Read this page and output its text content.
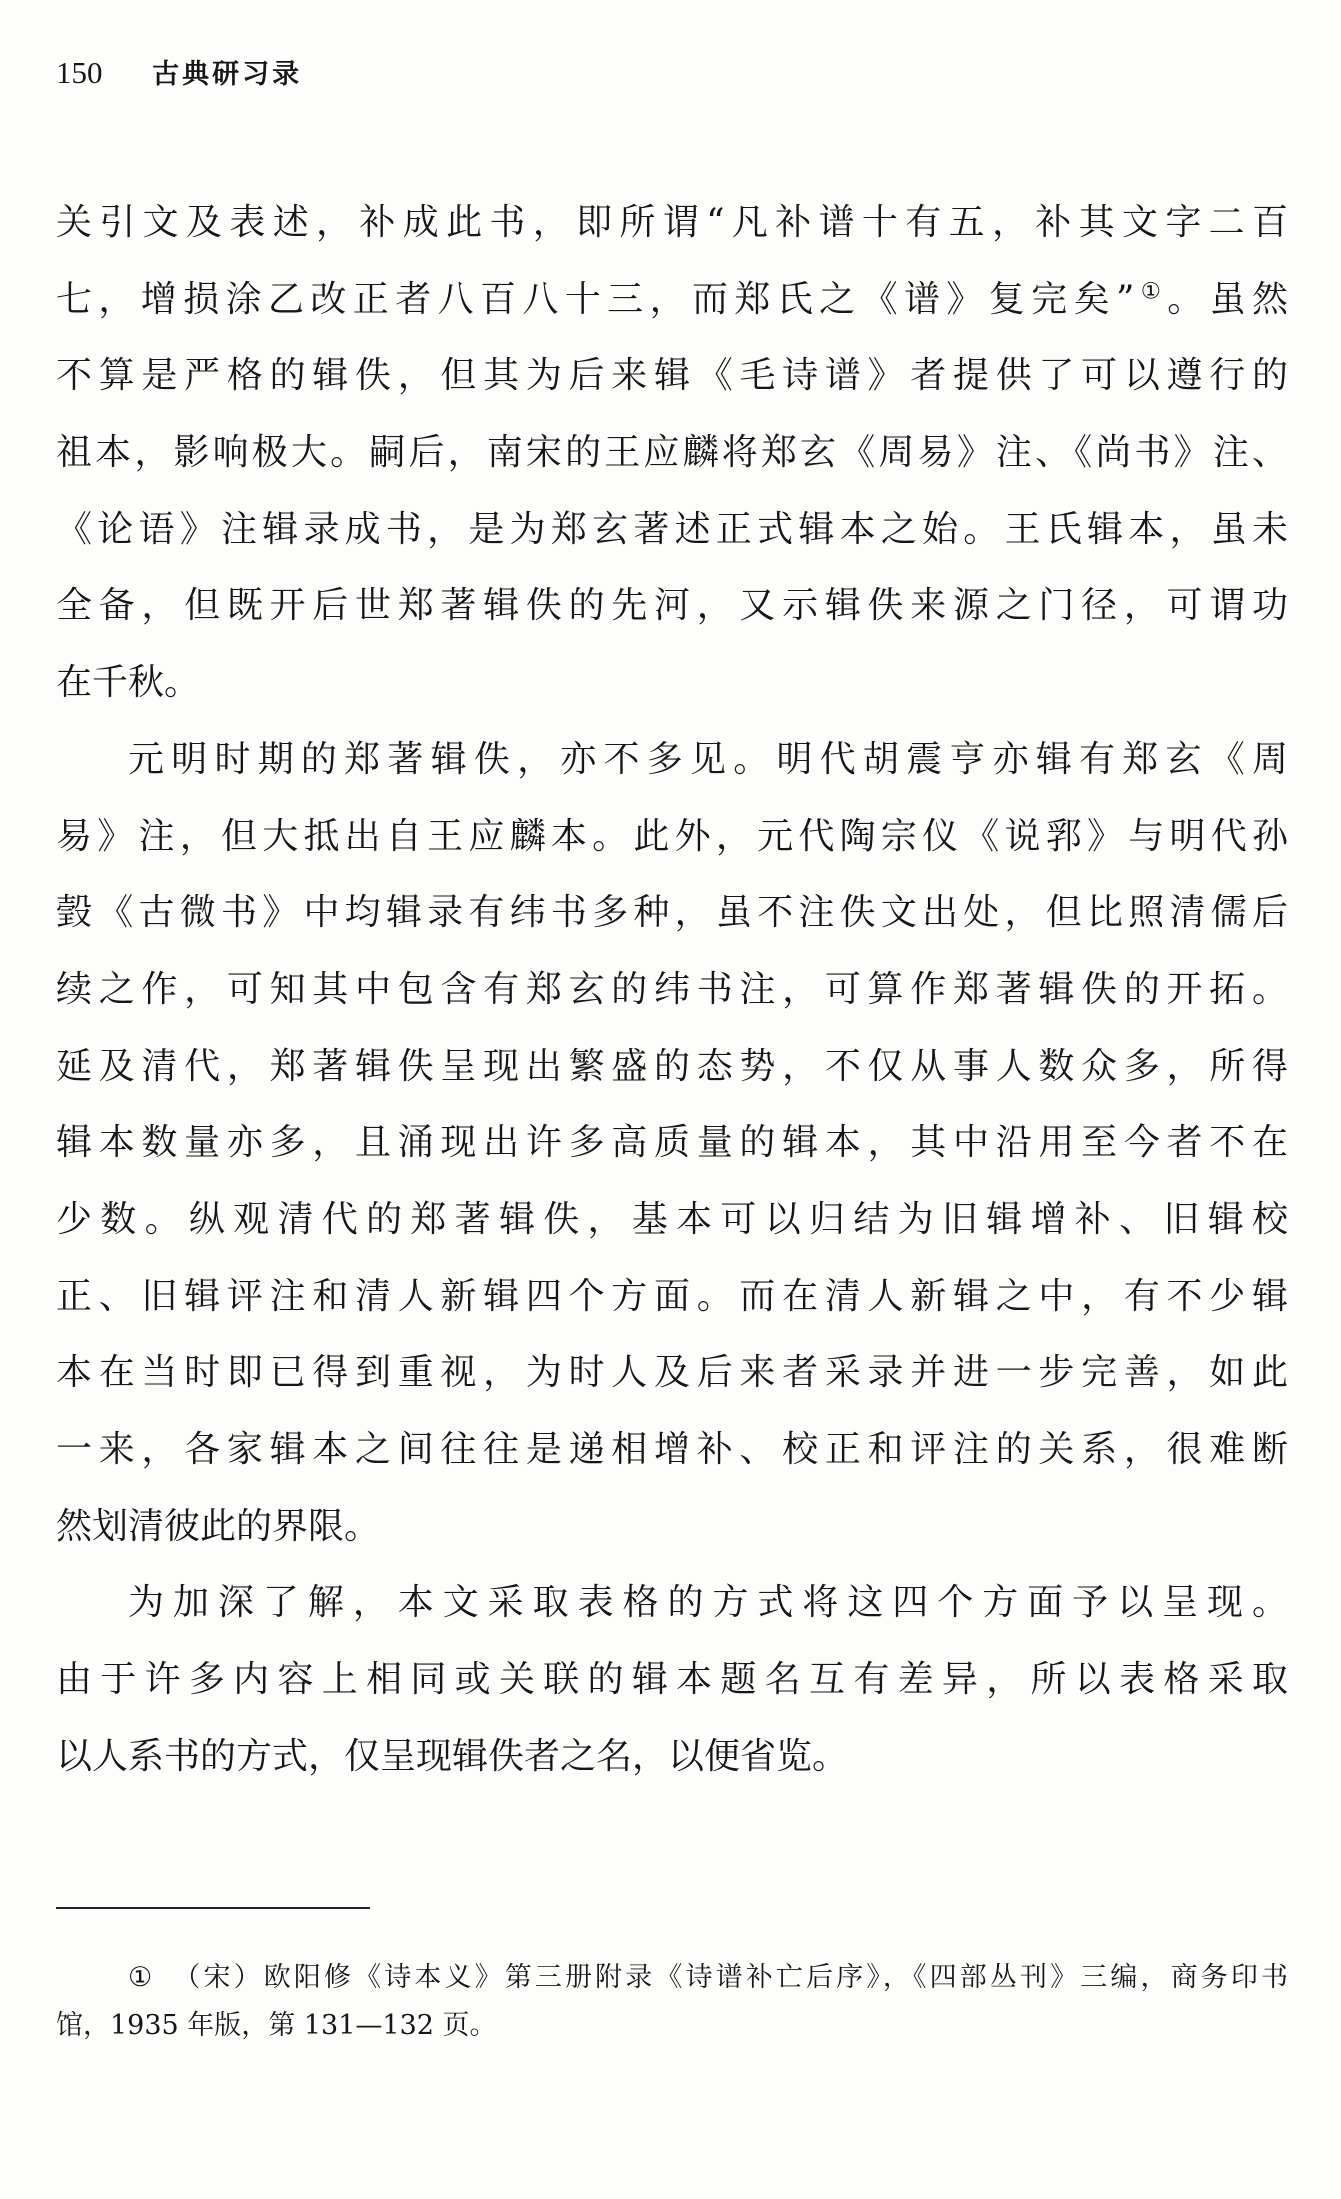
150 古典研习录
关引文及表述，补成此书，即所谓“凡补谱十有五，补其文字二百
七，增损涂乙改正者八百八十三，而郑氏之《谱》复完矣”①。虽然
不算是严格的辑佚，但其为后来辑《毛诗谱》者提供了可以遵行的
祖本，影响极大。嗣后，南宋的王应麟将郑玄《周易》注、《尚书》注、
《论语》注辑录成书，是为郑玄著述正式辑本之始。王氏辑本，虽未
全备，但既开后世郑著辑佚的先河，又示辑佚来源之门径，可谓功
在千秋。
元明时期的郑著辑佚，亦不多见。明代胡震亨亦辑有郑玄《周
易》注，但大抵出自王应麟本。此外，元代陶宗仪《说郛》与明代孙
瑴《古微书》中均辑录有纬书多种，虽不注佚文出处，但比照清儒后
续之作，可知其中包含有郑玄的纬书注，可算作郑著辑佚的开拓。
延及清代，郑著辑佚呈现出繁盛的态势，不仅从事人数众多，所得
辑本数量亦多，且涌现出许多高质量的辑本，其中沿用至今者不在
少数。纵观清代的郑著辑佚，基本可以归结为旧辑增补、旧辑校
正、旧辑评注和清人新辑四个方面。而在清人新辑之中，有不少辑
本在当时即已得到重视，为时人及后来者采录并进一步完善，如此
一来，各家辑本之间往往是递相增补、校正和评注的关系，很难断
然划清彼此的界限。
为加深了解，本文采取表格的方式将这四个方面予以呈现。
由于许多内容上相同或关联的辑本题名互有差异，所以表格采取
以人系书的方式，仅呈现辑佚者之名，以便省览。
① （宋）欧阳修《诗本义》第三册附录《诗谱补亡后序》，《四部丛刊》三编，商务印书
馆，1935 年版，第 131—132 页。
